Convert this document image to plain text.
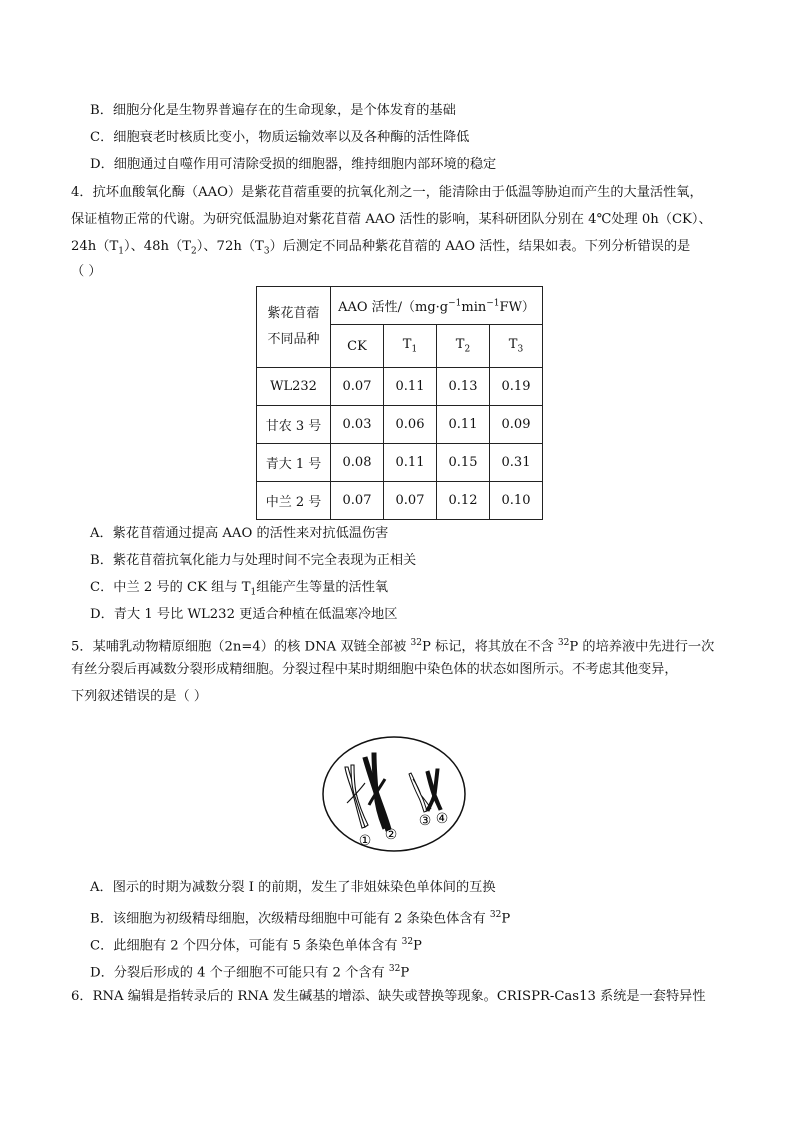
B．细胞分化是生物界普遍存在的生命现象，是个体发育的基础
C．细胞衰老时核质比变小，物质运输效率以及各种酶的活性降低
D．细胞通过自噬作用可清除受损的细胞器，维持细胞内部环境的稳定
4．抗坏血酸氧化酶（AAO）是紫花苜蓿重要的抗氧化剂之一，能清除由于低温等胁迫而产生的大量活性氧，
保证植物正常的代谢。为研究低温胁迫对紫花苜蓿 AAO 活性的影响，某科研团队分别在 4℃处理 0h（CK）、
$24h(T_1)$、$48h(T_2)$、$72h(T_3)$后测定不同品种紫花苜蓿的 AAO 活性，结果如表。下列分析错误的是
（ ）
紫花苜蓿
不同品种	AAO 活性$/(mg\cdot g^{-1}\min^{-1}FW)$			
	CK	$T_1$	$T_2$	$T_3$
WL232	0.07	0.11	0.13	0.19
甘农 3 号	0.03	0.06	0.11	0.09
青大 1 号	0.08	0.11	0.15	0.31
中兰 2 号	0.07	0.07	0.12	0.10
A．紫花苜蓿通过提高 AAO 的活性来对抗低温伤害
B．紫花苜蓿抗氧化能力与处理时间不完全表现为正相关
C．中兰 2 号的 CK 组与 $T_1$组能产生等量的活性氧
D．青大 1 号比 WL232 更适合种植在低温寒冷地区
5．某哺乳动物精原细胞（2n=4）的核 DNA 双链全部被 $^{32}$P 标记，将其放在不含 $^{32}$P 的培养液中先进行一次
有丝分裂后再减数分裂形成精细胞。分裂过程中某时期细胞中染色体的状态如图所示。不考虑其他变异，
下列叙述错误的是（ ）
① ②
③ ④
A．图示的时期为减数分裂 I 的前期，发生了非姐妹染色单体间的互换
B．该细胞为初级精母细胞，次级精母细胞中可能有 2 条染色体含有 $^{32}$P
C．此细胞有 2 个四分体，可能有 5 条染色单体含有 $^{32}$P
D．分裂后形成的 4 个子细胞不可能只有 2 个含有 $^{32}$P
6．RNA 编辑是指转录后的 RNA 发生碱基的增添、缺失或替换等现象。CRISPR-Cas13 系统是一套特异性
